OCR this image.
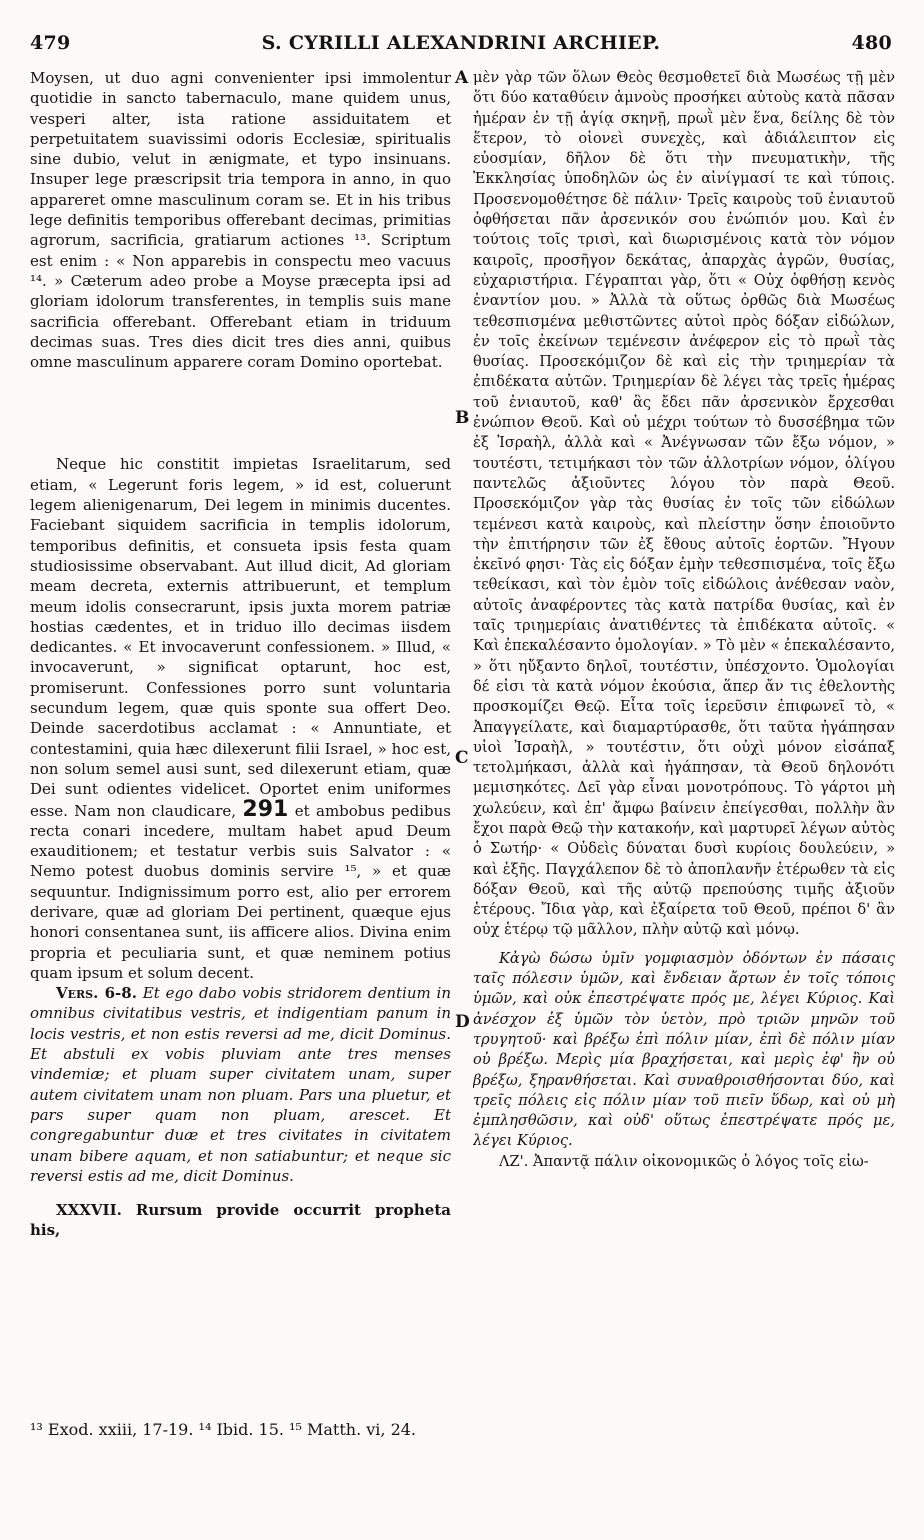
479	S. CYRILLI ALEXANDRINI ARCHIEP.	480

Moysen, ut duo agni convenienter ipsi immolentur quotidie in sancto tabernaculo, mane quidem unus, vesperi alter, ista ratione assiduitatem et perpetuitatem suavissimi odoris Ecclesiæ, spiritualis sine dubio, velut in ænigmate, et typo insinuans. Insuper lege præscripsit tria tempora in anno, in quo appareret omne masculinum coram se. Et in his tribus lege definitis temporibus offerebant decimas, primitias agrorum, sacrificia, gratiarum actiones ¹³. Scriptum est enim : « Non apparebis in conspectu meo vacuus ¹⁴. » Cæterum adeo probe a Moyse præcepta ipsi ad gloriam idolorum transferentes, in templis suis mane sacrificia offerebant. Offerebant etiam in triduum decimas suas. Tres dies dicit tres dies anni, quibus omne masculinum apparere coram Domino oportebat.

Neque hic constitit impietas Israelitarum, sed etiam, « Legerunt foris legem, » id est, coluerunt legem alienigenarum, Dei legem in minimis ducentes. Faciebant siquidem sacrificia in templis idolorum, temporibus definitis, et consueta ipsis festa quam studiosissime observabant. Aut illud dicit, Ad gloriam meam decreta, externis attribuerunt, et templum meum idolis consecrarunt, ipsis juxta morem patriæ hostias cædentes, et in triduo illo decimas iisdem dedicantes. « Et invocaverunt confessionem. » Illud, « invocaverunt, » significat optarunt, hoc est, promiserunt. Confessiones porro sunt voluntaria secundum legem, quæ quis sponte sua offert Deo. Deinde sacerdotibus acclamat : « Annuntiate, et contestamini, quia hæc dilexerunt filii Israel, » hoc est, non solum semel ausi sunt, sed dilexerunt etiam, quæ Dei sunt odientes videlicet. Oportet enim uniformes esse. Nam non claudicare, 291 et ambobus pedibus recta conari incedere, multam habet apud Deum exauditionem; et testatur verbis suis Salvator : « Nemo potest duobus dominis servire ¹⁵, » et quæ sequuntur. Indignissimum porro est, alio per errorem derivare, quæ ad gloriam Dei pertinent, quæque ejus honori consentanea sunt, iis afficere alios. Divina enim propria et peculiaria sunt, et quæ neminem potius quam ipsum et solum decent.

Vers. 6-8. Et ego dabo vobis stridorem dentium in omnibus civitatibus vestris, et indigentiam panum in locis vestris, et non estis reversi ad me, dicit Dominus. Et abstuli ex vobis pluviam ante tres menses vindemiæ; et pluam super civitatem unam, super autem civitatem unam non pluam. Pars una pluetur, et pars super quam non pluam, arescet. Et congregabuntur duæ et tres civitates in civitatem unam bibere aquam, et non satiabuntur; et neque sic reversi estis ad me, dicit Dominus.

XXXVII. Rursum provide occurrit propheta his,

μὲν γὰρ τῶν ὅλων Θεὸς θεσμοθετεῖ διὰ Μωσέως τῇ μὲν ὅτι δύο καταθύειν ἀμνοὺς προσήκει αὐτοὺς κατὰ πᾶσαν ἡμέραν ἐν τῇ ἁγίᾳ σκηνῇ, πρωῒ μὲν ἕνα, δείλης δὲ τὸν ἕτερον, τὸ οἱονεὶ συνεχὲς, καὶ ἀδιάλειπτον εἰς εὐοσμίαν, δῆλον δὲ ὅτι τὴν πνευματικὴν, τῆς Ἐκκλησίας ὑποδηλῶν ὡς ἐν αἰνίγμασί τε καὶ τύποις. Προσενομοθέτησε δὲ πάλιν· Τρεῖς καιροὺς τοῦ ἐνιαυτοῦ ὀφθήσεται πᾶν ἀρσενικόν σου ἐνώπιόν μου. Καὶ ἐν τούτοις τοῖς τρισὶ, καὶ διωρισμένοις κατὰ τὸν νόμον καιροῖς, προσῆγον δεκάτας, ἀπαρχὰς ἀγρῶν, θυσίας, εὐχαριστήρια. Γέγραπται γὰρ, ὅτι « Οὐχ ὀφθήσῃ κενὸς ἐναντίον μου. » Ἀλλὰ τὰ οὕτως ὀρθῶς διὰ Μωσέως τεθεσπισμένα μεθιστῶντες αὐτοὶ πρὸς δόξαν εἰδώλων, ἐν τοῖς ἐκείνων τεμένεσιν ἀνέφερον εἰς τὸ πρωῒ τὰς θυσίας. Προσεκόμιζον δὲ καὶ εἰς τὴν τριημερίαν τὰ ἐπιδέκατα αὐτῶν. Τριημερίαν δὲ λέγει τὰς τρεῖς ἡμέρας τοῦ ἐνιαυτοῦ, καθ' ἃς ἔδει πᾶν ἀρσενικὸν ἔρχεσθαι ἐνώπιον Θεοῦ. Καὶ οὐ μέχρι τούτων τὸ δυσσέβημα τῶν ἐξ Ἰσραὴλ, ἀλλὰ καὶ « Ἀνέγνωσαν τῶν ἔξω νόμον, » τουτέστι, τετιμήκασι τὸν τῶν ἀλλοτρίων νόμον, ὀλίγου παντελῶς ἀξιοῦντες λόγου τὸν παρὰ Θεοῦ. Προσεκόμιζον γὰρ τὰς θυσίας ἐν τοῖς τῶν εἰδώλων τεμένεσι κατὰ καιροὺς, καὶ πλείστην ὅσην ἐποιοῦντο τὴν ἐπιτήρησιν τῶν ἐξ ἔθους αὐτοῖς ἑορτῶν. Ἤγουν ἐκεῖνό φησι· Τὰς εἰς δόξαν ἐμὴν τεθεσπισμένα, τοῖς ἔξω τεθείκασι, καὶ τὸν ἐμὸν τοῖς εἰδώλοις ἀνέθεσαν ναὸν, αὐτοῖς ἀναφέροντες τὰς κατὰ πατρίδα θυσίας, καὶ ἐν ταῖς τριημερίαις ἀνατιθέντες τὰ ἐπιδέκατα αὐτοῖς. « Καὶ ἐπεκαλέσαντο ὁμολογίαν. » Τὸ μὲν « ἐπεκαλέσαντο, » ὅτι ηὔξαντο δηλοῖ, τουτέστιν, ὑπέσχοντο. Ὁμολογίαι δέ εἰσι τὰ κατὰ νόμον ἑκούσια, ἅπερ ἄν τις ἐθελοντὴς προσκομίζει Θεῷ. Εἶτα τοῖς ἱερεῦσιν ἐπιφωνεῖ τὸ, « Ἀπαγγείλατε, καὶ διαμαρτύρασθε, ὅτι ταῦτα ἠγάπησαν υἱοὶ Ἰσραὴλ, » τουτέστιν, ὅτι οὐχὶ μόνον εἰσάπαξ τετολμήκασι, ἀλλὰ καὶ ἠγάπησαν, τὰ Θεοῦ δηλονότι μεμισηκότες. Δεῖ γὰρ εἶναι μονοτρόπους. Τὸ γάρτοι μὴ χωλεύειν, καὶ ἐπ' ἄμφω βαίνειν ἐπείγεσθαι, πολλὴν ἂν ἔχοι παρὰ Θεῷ τὴν κατακοήν, καὶ μαρτυρεῖ λέγων αὐτὸς ὁ Σωτήρ· « Οὐδεὶς δύναται δυσὶ κυρίοις δουλεύειν, » καὶ ἑξῆς. Παγχάλεπον δὲ τὸ ἀποπλανῆν ἑτέρωθεν τὰ εἰς δόξαν Θεοῦ, καὶ τῆς αὐτῷ πρεπούσης τιμῆς ἀξιοῦν ἑτέρους. Ἴδια γὰρ, καὶ ἐξαίρετα τοῦ Θεοῦ, πρέποι δ' ἂν οὐχ ἑτέρῳ τῷ μᾶλλον, πλὴν αὐτῷ καὶ μόνῳ.

Κἀγὼ δώσω ὑμῖν γομφιασμὸν ὀδόντων ἐν πάσαις ταῖς πόλεσιν ὑμῶν, καὶ ἔνδειαν ἄρτων ἐν τοῖς τόποις ὑμῶν, καὶ οὐκ ἐπεστρέψατε πρός με, λέγει Κύριος. Καὶ ἀνέσχον ἐξ ὑμῶν τὸν ὑετὸν, πρὸ τριῶν μηνῶν τοῦ τρυγητοῦ· καὶ βρέξω ἐπὶ πόλιν μίαν, ἐπὶ δὲ πόλιν μίαν οὐ βρέξω. Μερὶς μία βραχήσεται, καὶ μερὶς ἐφ' ἣν οὐ βρέξω, ξηρανθήσεται. Καὶ συναθροισθήσονται δύο, καὶ τρεῖς πόλεις εἰς πόλιν μίαν τοῦ πιεῖν ὕδωρ, καὶ οὐ μὴ ἐμπλησθῶσιν, καὶ οὐδ' οὕτως ἐπεστρέψατε πρός με, λέγει Κύριος.

ΛΖ'. Ἀπαντᾷ πάλιν οἰκονομικῶς ὁ λόγος τοῖς εἰω-

A
B
C
D
¹³ Exod. xxiii, 17-19. ¹⁴ Ibid. 15. ¹⁵ Matth. vi, 24.
